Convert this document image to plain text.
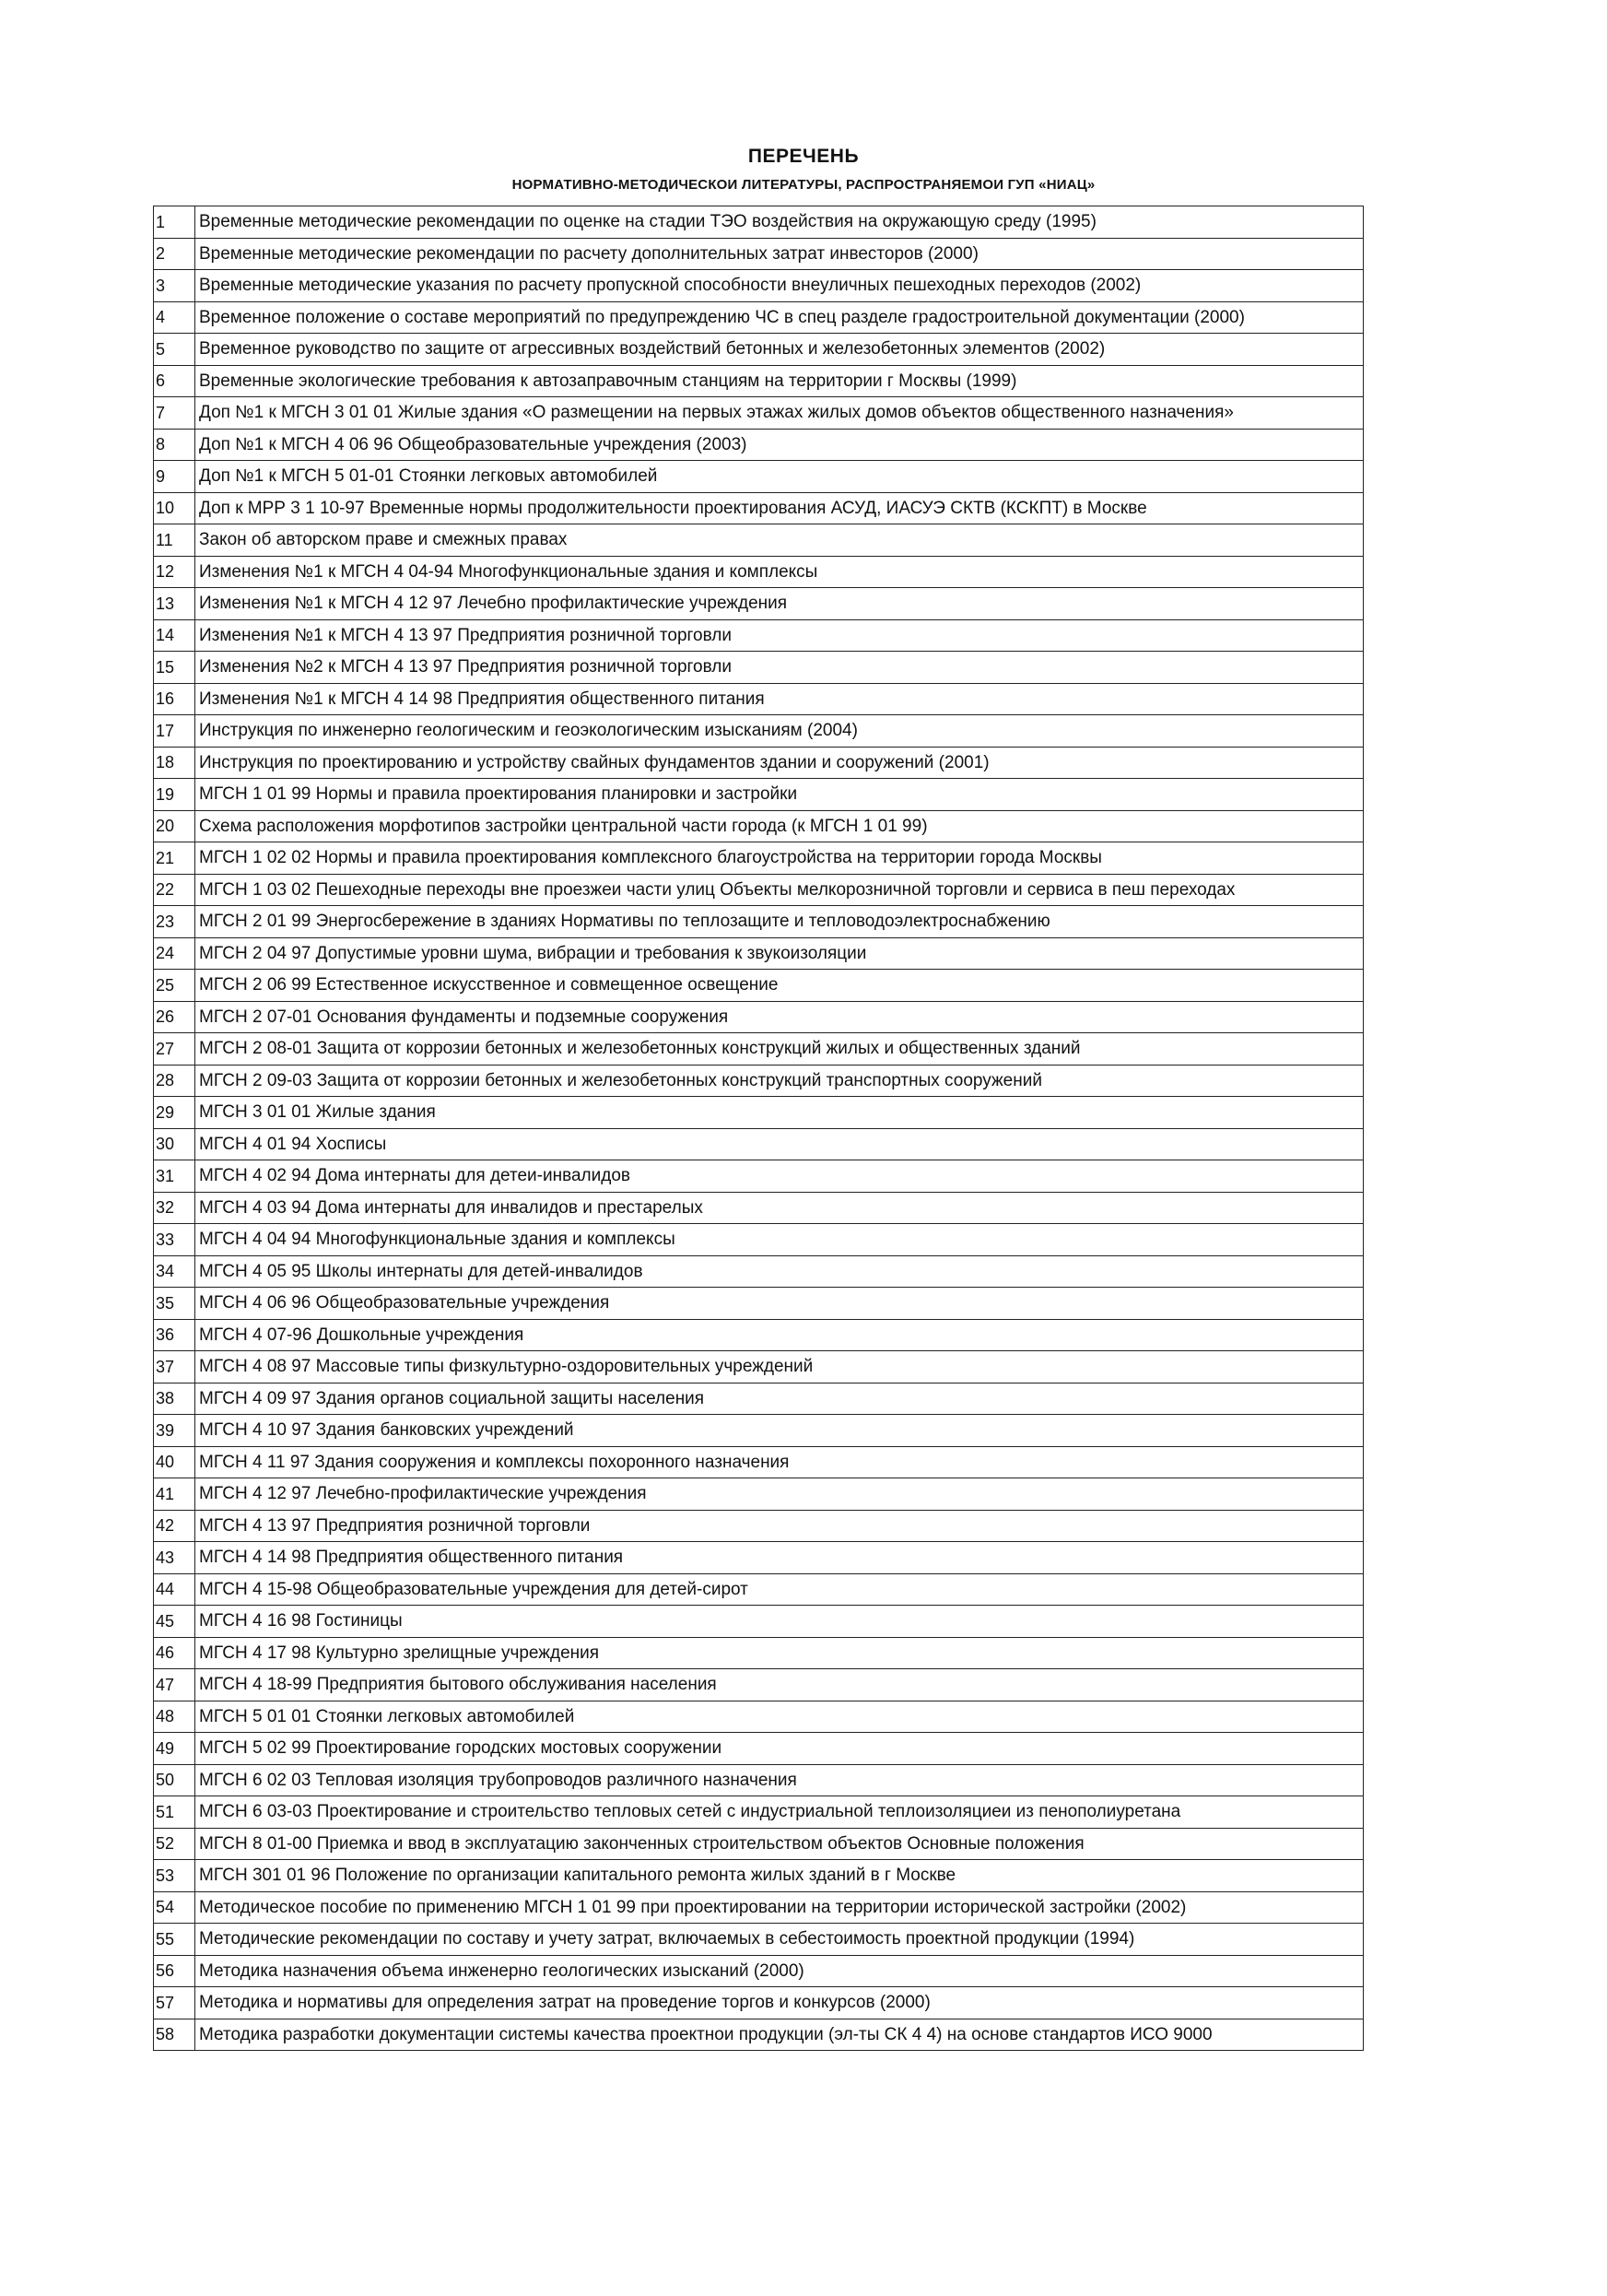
ПЕРЕЧЕНЬ
НОРМАТИВНО-МЕТОДИЧЕСКОИ ЛИТЕРАТУРЫ, РАСПРОСТРАНЯЕМОИ ГУП «НИАЦ»
1	Временные методические рекомендации по оценке на стадии ТЭО воздействия на окружающую среду (1995)
2	Временные методические рекомендации по расчету дополнительных затрат инвесторов (2000)
3	Временные методические указания по расчету пропускной способности внеуличных пешеходных переходов (2002)
4	Временное положение о составе мероприятий по предупреждению ЧС в спец разделе градостроительной документации (2000)
5	Временное руководство по защите от агрессивных воздействий бетонных и железобетонных элементов (2002)
6	Временные экологические требования к автозаправочным станциям на территории г Москвы (1999)
7	Доп №1 к МГСН 3 01 01 Жилые здания «О размещении на первых этажах жилых домов объектов общественного назначения»
8	Доп №1 к МГСН 4 06 96 Общеобразовательные учреждения (2003)
9	Доп №1 к МГСН 5 01-01 Стоянки легковых автомобилей
10	Доп к МРР 3 1 10-97 Временные нормы продолжительности проектирования АСУД, ИАСУЭ СКТВ (КСКПТ) в Москве
11	Закон об авторском праве и смежных правах
12	Изменения №1 к МГСН 4 04-94 Многофункциональные здания и комплексы
13	Изменения №1 к МГСН 4 12 97 Лечебно профилактические учреждения
14	Изменения №1 к МГСН 4 13 97 Предприятия розничной торговли
15	Изменения №2 к МГСН 4 13 97 Предприятия розничной торговли
16	Изменения №1 к МГСН 4 14 98 Предприятия общественного питания
17	Инструкция по инженерно геологическим и геоэкологическим изысканиям (2004)
18	Инструкция по проектированию и устройству свайных фундаментов здании и сооружений (2001)
19	МГСН 1 01 99 Нормы и правила проектирования планировки и застройки
20	Схема расположения морфотипов застройки центральной части города (к МГСН 1 01 99)
21	МГСН 1 02 02 Нормы и правила проектирования комплексного благоустройства на территории города Москвы
22	МГСН 1 03 02 Пешеходные переходы вне проезжеи части улиц Объекты мелкорозничной торговли и сервиса в пеш переходах
23	МГСН 2 01 99 Энергосбережение в зданиях Нормативы по теплозащите и тепловодоэлектроснабжению
24	МГСН 2 04 97 Допустимые уровни шума, вибрации и требования к звукоизоляции
25	МГСН 2 06 99 Естественное искусственное и совмещенное освещение
26	МГСН 2 07-01 Основания фундаменты и подземные сооружения
27	МГСН 2 08-01 Защита от коррозии бетонных и железобетонных конструкций жилых и общественных зданий
28	МГСН 2 09-03 Защита от коррозии бетонных и железобетонных конструкций транспортных сооружений
29	МГСН 3 01 01 Жилые здания
30	МГСН 4 01 94 Хосписы
31	МГСН 4 02 94 Дома интернаты для детеи-инвалидов
32	МГСН 4 03 94 Дома интернаты для инвалидов и престарелых
33	МГСН 4 04 94 Многофункциональные здания и комплексы
34	МГСН 4 05 95 Школы интернаты для детей-инвалидов
35	МГСН 4 06 96 Общеобразовательные учреждения
36	МГСН 4 07-96 Дошкольные учреждения
37	МГСН 4 08 97 Массовые типы физкультурно-оздоровительных учреждений
38	МГСН 4 09 97 Здания органов социальной защиты населения
39	МГСН 4 10 97 Здания банковских учреждений
40	МГСН 4 11 97 Здания сооружения и комплексы похоронного назначения
41	МГСН 4 12 97 Лечебно-профилактические учреждения
42	МГСН 4 13 97 Предприятия розничной торговли
43	МГСН 4 14 98 Предприятия общественного питания
44	МГСН 4 15-98 Общеобразовательные учреждения для детей-сирот
45	МГСН 4 16 98 Гостиницы
46	МГСН 4 17 98 Культурно зрелищные учреждения
47	МГСН 4 18-99 Предприятия бытового обслуживания населения
48	МГСН 5 01 01 Стоянки легковых автомобилей
49	МГСН 5 02 99 Проектирование городских мостовых сооружении
50	МГСН 6 02 03 Тепловая изоляция трубопроводов различного назначения
51	МГСН 6 03-03 Проектирование и строительство тепловых сетей с индустриальной теплоизоляциеи из пенополиуретана
52	МГСН 8 01-00 Приемка и ввод в эксплуатацию законченных строительством объектов Основные положения
53	МГСН 301 01 96 Положение по организации капитального ремонта жилых зданий в г Москве
54	Методическое пособие по применению МГСН 1 01 99 при проектировании на территории исторической застройки (2002)
55	Методические рекомендации по составу и учету затрат, включаемых в себестоимость проектной продукции (1994)
56	Методика назначения объема инженерно геологических изысканий (2000)
57	Методика и нормативы для определения затрат на проведение торгов и конкурсов (2000)
58	Методика разработки документации системы качества проектнои продукции (эл-ты СК 4 4) на основе стандартов ИСО 9000
